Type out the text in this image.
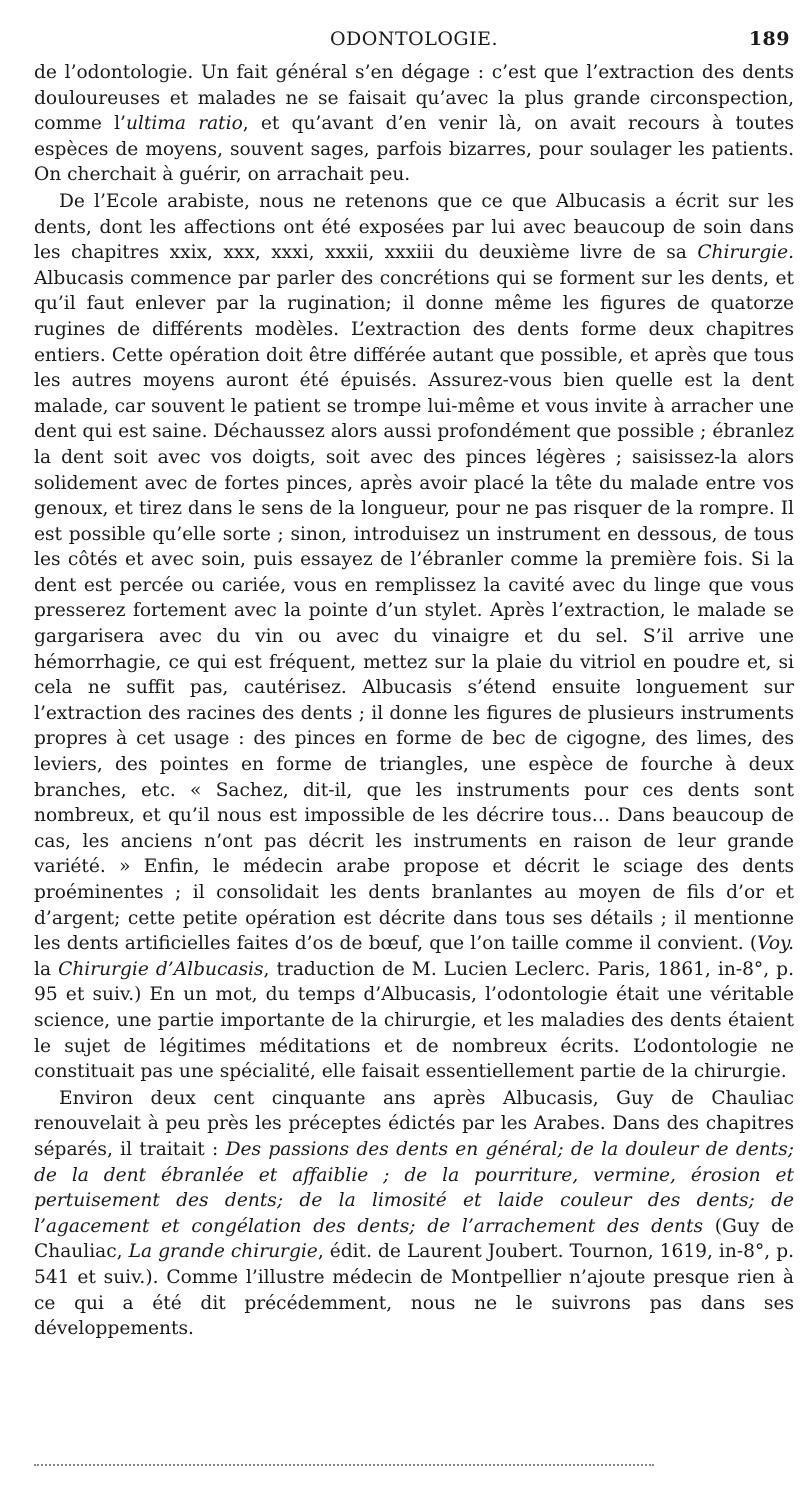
ODONTOLOGIE.	189

de l’odontologie. Un fait général s’en dégage : c’est que l’extraction des dents douloureuses et malades ne se faisait qu’avec la plus grande circonspection, comme l’ultima ratio, et qu’avant d’en venir là, on avait recours à toutes espèces de moyens, souvent sages, parfois bizarres, pour soulager les patients. On cherchait à guérir, on arrachait peu.

De l’Ecole arabiste, nous ne retenons que ce que Albucasis a écrit sur les dents, dont les affections ont été exposées par lui avec beaucoup de soin dans les chapitres xxix, xxx, xxxi, xxxii, xxxiii du deuxième livre de sa Chirurgie. Albucasis commence par parler des concrétions qui se forment sur les dents, et qu’il faut enlever par la rugination; il donne même les figures de quatorze rugines de différents modèles. L’extraction des dents forme deux chapitres entiers. Cette opération doit être différée autant que possible, et après que tous les autres moyens auront été épuisés. Assurez-vous bien quelle est la dent malade, car souvent le patient se trompe lui-même et vous invite à arracher une dent qui est saine. Déchaussez alors aussi profondément que possible ; ébranlez la dent soit avec vos doigts, soit avec des pinces légères ; saisissez-la alors solidement avec de fortes pinces, après avoir placé la tête du malade entre vos genoux, et tirez dans le sens de la longueur, pour ne pas risquer de la rompre. Il est possible qu’elle sorte ; sinon, introduisez un instrument en dessous, de tous les côtés et avec soin, puis essayez de l’ébranler comme la première fois. Si la dent est percée ou cariée, vous en remplissez la cavité avec du linge que vous presserez fortement avec la pointe d’un stylet. Après l’extraction, le malade se gargarisera avec du vin ou avec du vinaigre et du sel. S’il arrive une hémorrhagie, ce qui est fréquent, mettez sur la plaie du vitriol en poudre et, si cela ne suffit pas, cautérisez. Albucasis s’étend ensuite longuement sur l’extraction des racines des dents ; il donne les figures de plusieurs instruments propres à cet usage : des pinces en forme de bec de cigogne, des limes, des leviers, des pointes en forme de triangles, une espèce de fourche à deux branches, etc. « Sachez, dit-il, que les instruments pour ces dents sont nombreux, et qu’il nous est impossible de les décrire tous… Dans beaucoup de cas, les anciens n’ont pas décrit les instruments en raison de leur grande variété. » Enfin, le médecin arabe propose et décrit le sciage des dents proéminentes ; il consolidait les dents branlantes au moyen de fils d’or et d’argent; cette petite opération est décrite dans tous ses détails ; il mentionne les dents artificielles faites d’os de bœuf, que l’on taille comme il convient. (Voy. la Chirurgie d’Albucasis, traduction de M. Lucien Leclerc. Paris, 1861, in-8°, p. 95 et suiv.) En un mot, du temps d’Albucasis, l’odontologie était une véritable science, une partie importante de la chirurgie, et les maladies des dents étaient le sujet de légitimes méditations et de nombreux écrits. L’odontologie ne constituait pas une spécialité, elle faisait essentiellement partie de la chirurgie.

Environ deux cent cinquante ans après Albucasis, Guy de Chauliac renouvelait à peu près les préceptes édictés par les Arabes. Dans des chapitres séparés, il traitait : Des passions des dents en général; de la douleur de dents; de la dent ébranlée et affaiblie ; de la pourriture, vermine, érosion et pertuisement des dents; de la limosité et laide couleur des dents; de l’agacement et congélation des dents; de l’arrachement des dents (Guy de Chauliac, La grande chirurgie, édit. de Laurent Joubert. Tournon, 1619, in-8°, p. 541 et suiv.). Comme l’illustre médecin de Montpellier n’ajoute presque rien à ce qui a été dit précédemment, nous ne le suivrons pas dans ses développements.
